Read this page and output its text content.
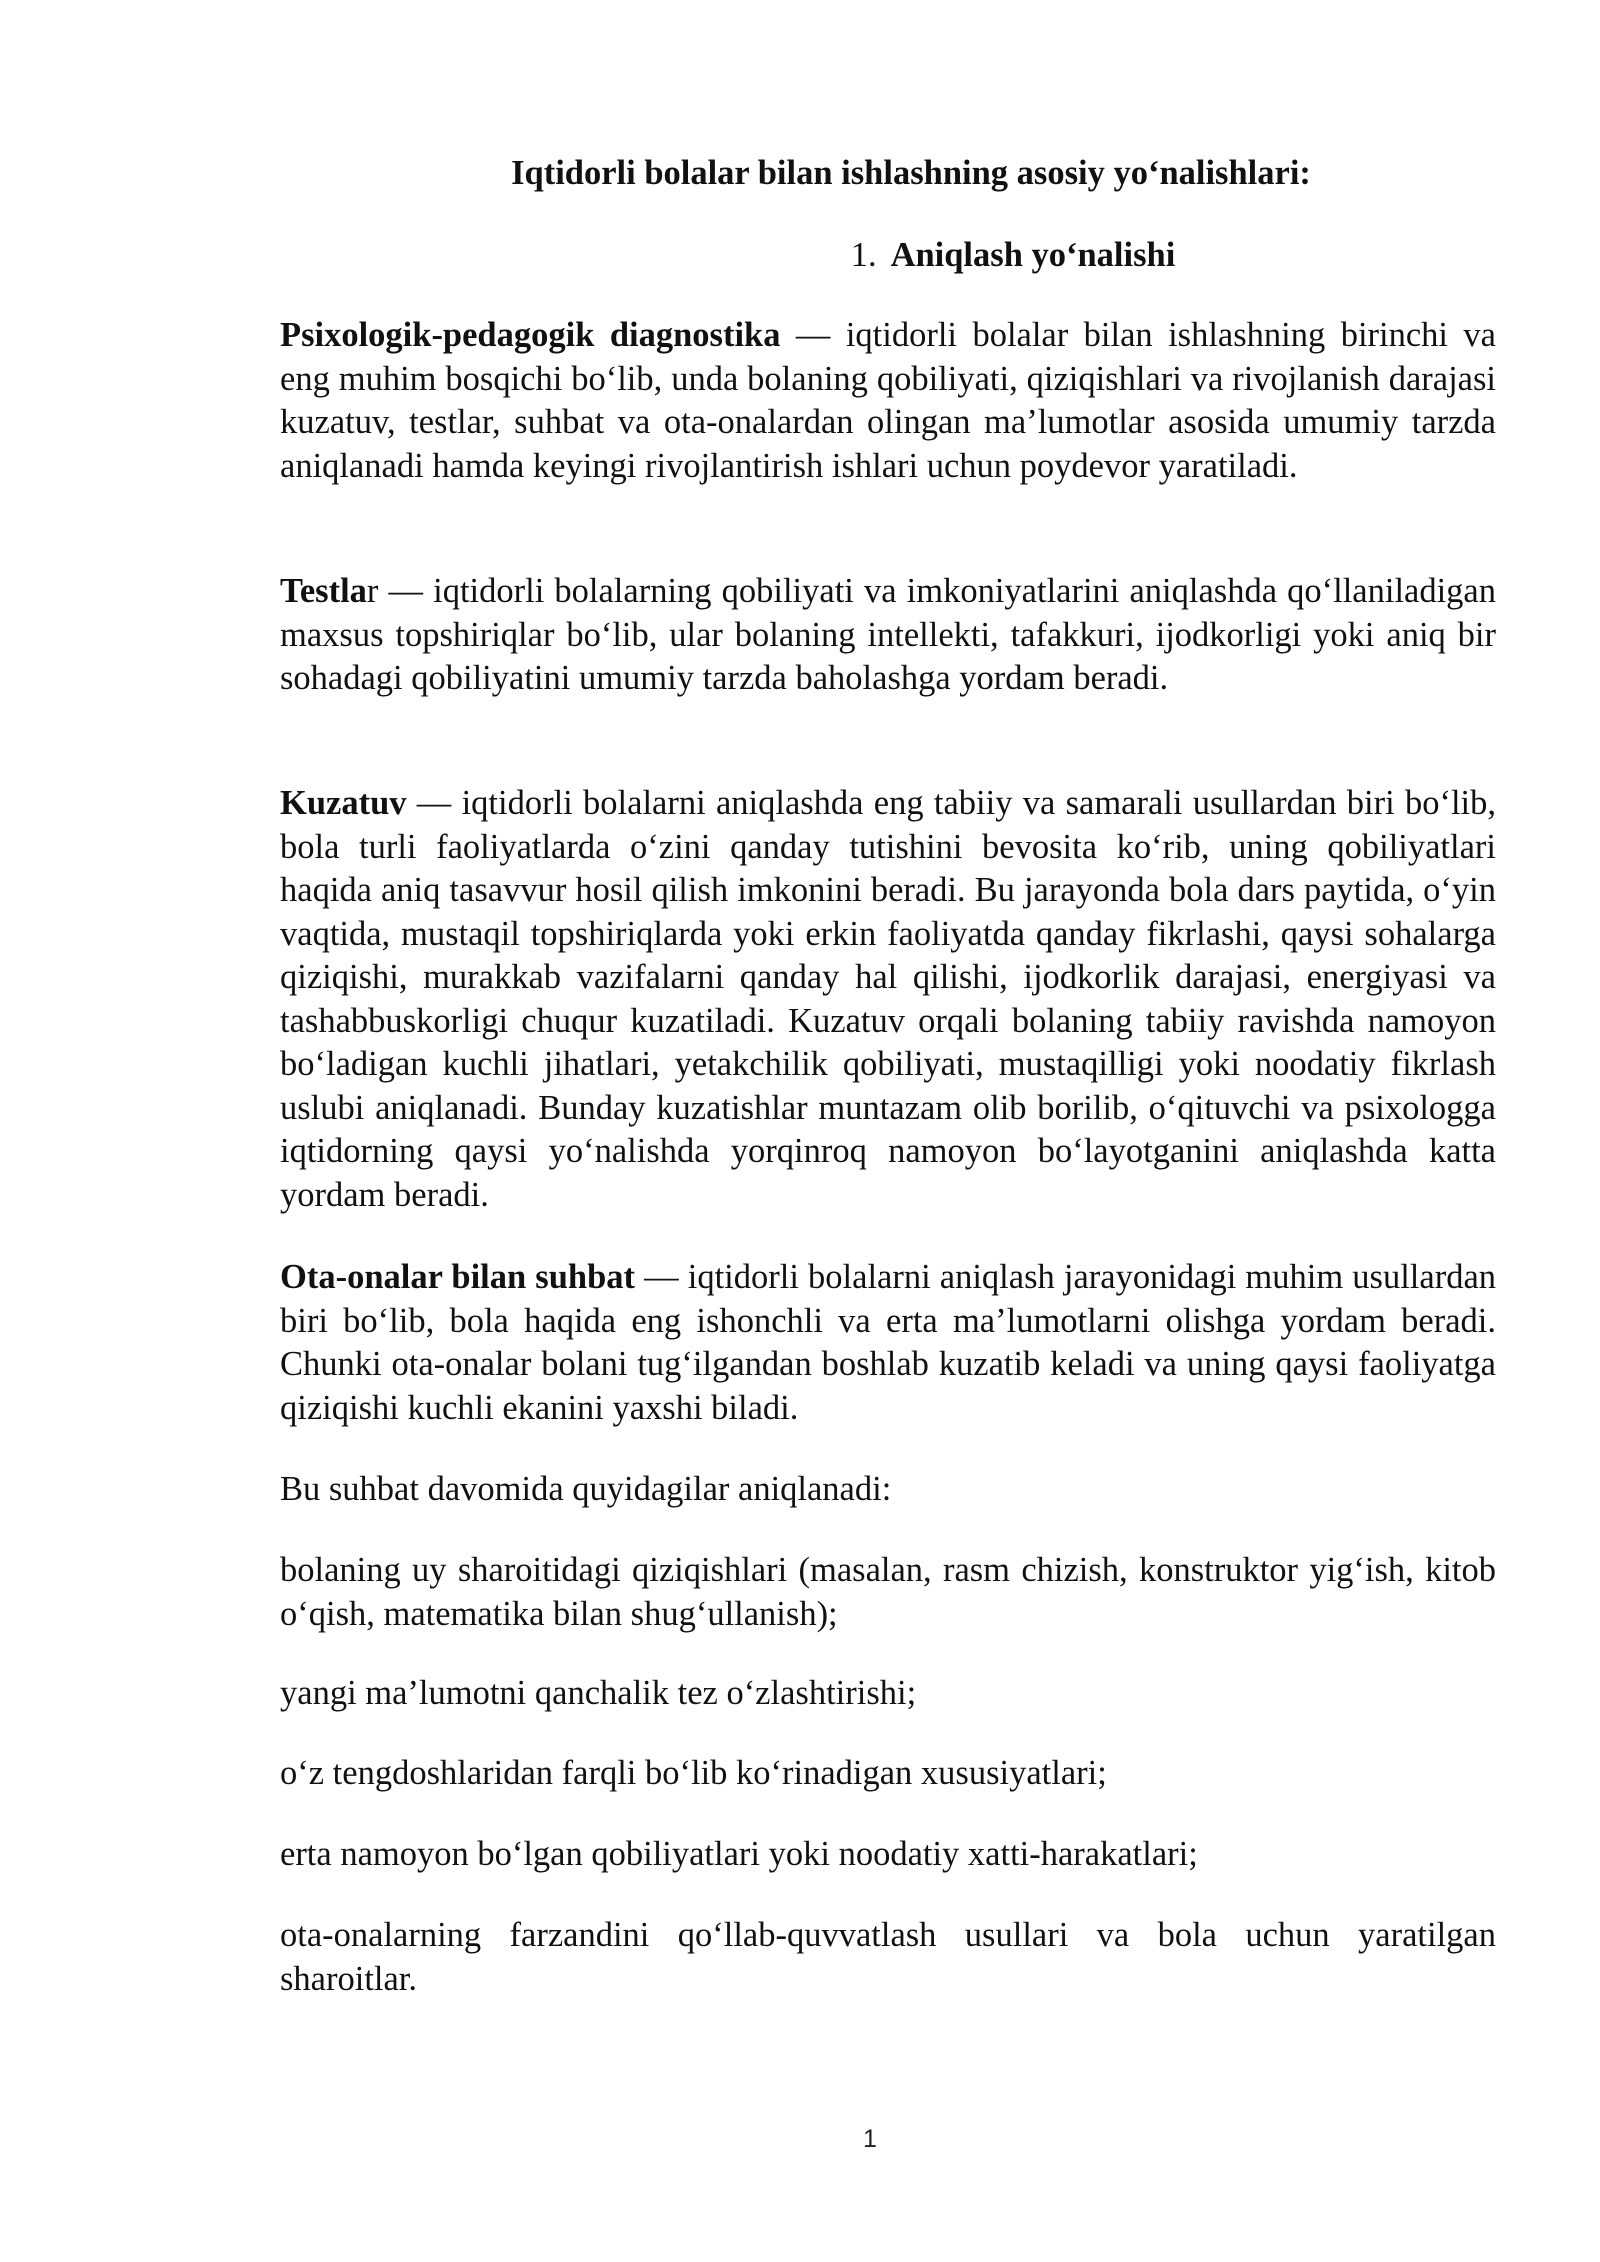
Iqtidorli bolalar bilan ishlashning asosiy yo‘nalishlari:

1. Aniqlash yo‘nalishi

Psixologik-pedagogik diagnostika — iqtidorli bolalar bilan ishlashning birinchi va eng muhim bosqichi bo‘lib, unda bolaning qobiliyati, qiziqishlari va rivojlanish darajasi kuzatuv, testlar, suhbat va ota-onalardan olingan ma’lumotlar asosida umumiy tarzda aniqlanadi hamda keyingi rivojlantirish ishlari uchun poydevor yaratiladi.

Testlar — iqtidorli bolalarning qobiliyati va imkoniyatlarini aniqlashda qo‘llaniladigan maxsus topshiriqlar bo‘lib, ular bolaning intellekti, tafakkuri, ijodkorligi yoki aniq bir sohadagi qobiliyatini umumiy tarzda baholashga yordam beradi.

Kuzatuv — iqtidorli bolalarni aniqlashda eng tabiiy va samarali usullardan biri bo‘lib, bola turli faoliyatlarda o‘zini qanday tutishini bevosita ko‘rib, uning qobiliyatlari haqida aniq tasavvur hosil qilish imkonini beradi. Bu jarayonda bola dars paytida, o‘yin vaqtida, mustaqil topshiriqlarda yoki erkin faoliyatda qanday fikrlashi, qaysi sohalarga qiziqishi, murakkab vazifalarni qanday hal qilishi, ijodkorlik darajasi, energiyasi va tashabbuskorligi chuqur kuzatiladi. Kuzatuv orqali bolaning tabiiy ravishda namoyon bo‘ladigan kuchli jihatlari, yetakchilik qobiliyati, mustaqilligi yoki noodatiy fikrlash uslubi aniqlanadi. Bunday kuzatishlar muntazam olib borilib, o‘qituvchi va psixologga iqtidorning qaysi yo‘nalishda yorqinroq namoyon bo‘layotganini aniqlashda katta yordam beradi.

Ota-onalar bilan suhbat — iqtidorli bolalarni aniqlash jarayonidagi muhim usullardan biri bo‘lib, bola haqida eng ishonchli va erta ma’lumotlarni olishga yordam beradi. Chunki ota-onalar bolani tug‘ilgandan boshlab kuzatib keladi va uning qaysi faoliyatga qiziqishi kuchli ekanini yaxshi biladi.

Bu suhbat davomida quyidagilar aniqlanadi:

bolaning uy sharoitidagi qiziqishlari (masalan, rasm chizish, konstruktor yig‘ish, kitob o‘qish, matematika bilan shug‘ullanish);

yangi ma’lumotni qanchalik tez o‘zlashtirishi;

o‘z tengdoshlaridan farqli bo‘lib ko‘rinadigan xususiyatlari;

erta namoyon bo‘lgan qobiliyatlari yoki noodatiy xatti-harakatlari;

ota-onalarning farzandini qo‘llab-quvvatlash usullari va bola uchun yaratilgan sharoitlar.

1
